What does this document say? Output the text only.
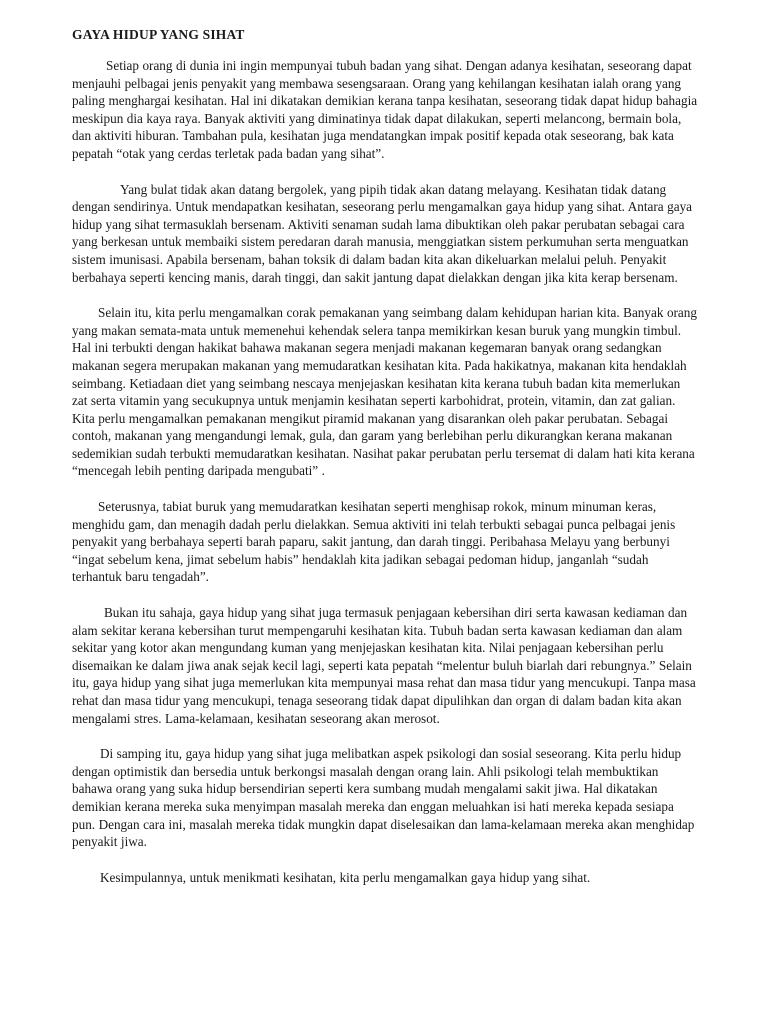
GAYA HIDUP YANG SIHAT

Setiap orang di dunia ini ingin mempunyai tubuh badan yang sihat. Dengan adanya kesihatan, seseorang dapat menjauhi pelbagai jenis penyakit yang membawa sesengsaraan. Orang yang kehilangan kesihatan ialah orang yang paling menghargai kesihatan. Hal ini dikatakan demikian kerana tanpa kesihatan, seseorang tidak dapat hidup bahagia meskipun dia kaya raya. Banyak aktiviti yang diminatinya tidak dapat dilakukan, seperti melancong, bermain bola, dan aktiviti hiburan. Tambahan pula, kesihatan juga mendatangkan impak positif kepada otak seseorang, bak kata pepatah “otak yang cerdas terletak pada badan yang sihat”.

Yang bulat tidak akan datang bergolek, yang pipih tidak akan datang melayang. Kesihatan tidak datang dengan sendirinya. Untuk mendapatkan kesihatan, seseorang perlu mengamalkan gaya hidup yang sihat. Antara gaya hidup yang sihat termasuklah bersenam. Aktiviti senaman sudah lama dibuktikan oleh pakar perubatan sebagai cara yang berkesan untuk membaiki sistem peredaran darah manusia, menggiatkan sistem perkumuhan serta menguatkan sistem imunisasi. Apabila bersenam, bahan toksik di dalam badan kita akan dikeluarkan melalui peluh. Penyakit berbahaya seperti kencing manis, darah tinggi, dan sakit jantung dapat dielakkan dengan jika kita kerap bersenam.

Selain itu, kita perlu mengamalkan corak pemakanan yang seimbang dalam kehidupan harian kita. Banyak orang yang makan semata-mata untuk memenehui kehendak selera tanpa memikirkan kesan buruk yang mungkin timbul. Hal ini terbukti dengan hakikat bahawa makanan segera menjadi makanan kegemaran banyak orang sedangkan makanan segera merupakan makanan yang memudaratkan kesihatan kita. Pada hakikatnya, makanan kita hendaklah seimbang. Ketiadaan diet yang seimbang nescaya menjejaskan kesihatan kita kerana tubuh badan kita memerlukan zat serta vitamin yang secukupnya untuk menjamin kesihatan seperti karbohidrat, protein, vitamin, dan zat galian. Kita perlu mengamalkan pemakanan mengikut piramid makanan yang disarankan oleh pakar perubatan. Sebagai contoh, makanan yang mengandungi lemak, gula, dan garam yang berlebihan perlu dikurangkan kerana makanan sedemikian sudah terbukti memudaratkan kesihatan. Nasihat pakar perubatan perlu tersemat di dalam hati kita kerana “mencegah lebih penting daripada mengubati” .

Seterusnya, tabiat buruk yang memudaratkan kesihatan seperti menghisap rokok, minum minuman keras, menghidu gam, dan menagih dadah perlu dielakkan. Semua aktiviti ini telah terbukti sebagai punca pelbagai jenis penyakit yang berbahaya seperti barah paparu, sakit jantung, dan darah tinggi. Peribahasa Melayu yang berbunyi “ingat sebelum kena, jimat sebelum habis” hendaklah kita jadikan sebagai pedoman hidup, janganlah “sudah terhantuk baru tengadah”.

Bukan itu sahaja, gaya hidup yang sihat juga termasuk penjagaan kebersihan diri serta kawasan kediaman dan alam sekitar kerana kebersihan turut mempengaruhi kesihatan kita. Tubuh badan serta kawasan kediaman dan alam sekitar yang kotor akan mengundang kuman yang menjejaskan kesihatan kita. Nilai penjagaan kebersihan perlu disemaikan ke dalam jiwa anak sejak kecil lagi, seperti kata pepatah “melentur buluh biarlah dari rebungnya.” Selain itu, gaya hidup yang sihat juga memerlukan kita mempunyai masa rehat dan masa tidur yang mencukupi. Tanpa masa rehat dan masa tidur yang mencukupi, tenaga seseorang tidak dapat dipulihkan dan organ di dalam badan kita akan mengalami stres. Lama-kelamaan, kesihatan seseorang akan merosot.

Di samping itu, gaya hidup yang sihat juga melibatkan aspek psikologi dan sosial seseorang. Kita perlu hidup dengan optimistik dan bersedia untuk berkongsi masalah dengan orang lain. Ahli psikologi telah membuktikan bahawa orang yang suka hidup bersendirian seperti kera sumbang mudah mengalami sakit jiwa. Hal dikatakan demikian kerana mereka suka menyimpan masalah mereka dan enggan meluahkan isi hati mereka kepada sesiapa pun. Dengan cara ini, masalah mereka tidak mungkin dapat diselesaikan dan lama-kelamaan mereka akan menghidap penyakit jiwa.

Kesimpulannya, untuk menikmati kesihatan, kita perlu mengamalkan gaya hidup yang sihat.
